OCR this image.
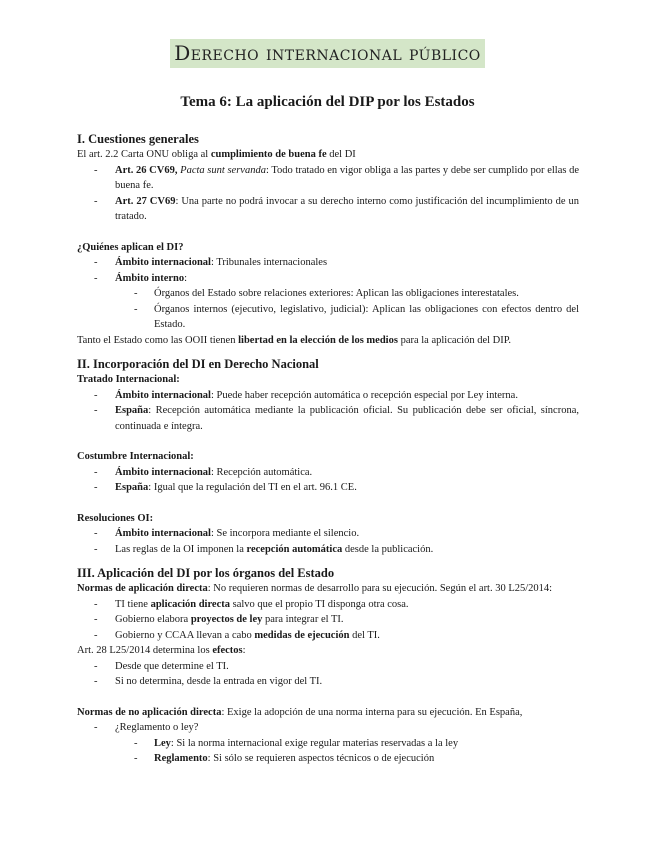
Derecho internacional público
Tema 6: La aplicación del DIP por los Estados
I. Cuestiones generales

El art. 2.2 Carta ONU obliga al cumplimiento de buena fe del DI

- Art. 26 CV69, Pacta sunt servanda: Todo tratado en vigor obliga a las partes y debe ser cumplido por ellas de buena fe.
- Art. 27 CV69: Una parte no podrá invocar a su derecho interno como justificación del incumplimiento de un tratado.

¿Quiénes aplican el DI?

- Ámbito internacional: Tribunales internacionales
- Ámbito interno:
- Órganos del Estado sobre relaciones exteriores: Aplican las obligaciones interestatales.
- Órganos internos (ejecutivo, legislativo, judicial): Aplican las obligaciones con efectos dentro del Estado.

Tanto el Estado como las OOII tienen libertad en la elección de los medios para la aplicación del DIP.

II. Incorporación del DI en Derecho Nacional

Tratado Internacional:

- Ámbito internacional: Puede haber recepción automática o recepción especial por Ley interna.
- España: Recepción automática mediante la publicación oficial. Su publicación debe ser oficial, síncrona, continuada e íntegra.

Costumbre Internacional:

- Ámbito internacional: Recepción automática.
- España: Igual que la regulación del TI en el art. 96.1 CE.

Resoluciones OI:

- Ámbito internacional: Se incorpora mediante el silencio.
- Las reglas de la OI imponen la recepción automática desde la publicación.
III. Aplicación del DI por los órganos del Estado

Normas de aplicación directa: No requieren normas de desarrollo para su ejecución. Según el art. 30 L25/2014:

- TI tiene aplicación directa salvo que el propio TI disponga otra cosa.
- Gobierno elabora proyectos de ley para integrar el TI.
- Gobierno y CCAA llevan a cabo medidas de ejecución del TI.

Art. 28 L25/2014 determina los efectos:

- Desde que determine el TI.
- Si no determina, desde la entrada en vigor del TI.

Normas de no aplicación directa: Exige la adopción de una norma interna para su ejecución. En España,

- ¿Reglamento o ley?
- Ley: Si la norma internacional exige regular materias reservadas a la ley
- Reglamento: Si sólo se requieren aspectos técnicos o de ejecución
